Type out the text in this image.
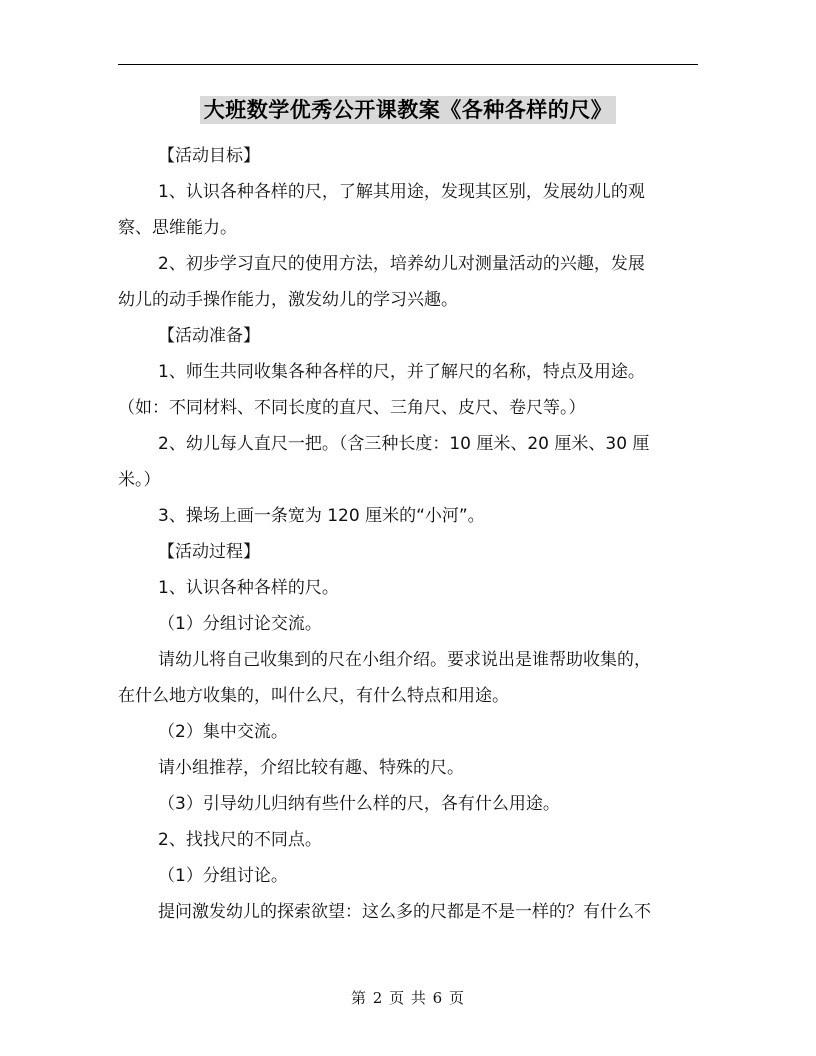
大班数学优秀公开课教案《各种各样的尺》

【活动目标】

1、认识各种各样的尺，了解其用途，发现其区别，发展幼儿的观

察、思维能力。

2、初步学习直尺的使用方法，培养幼儿对测量活动的兴趣，发展

幼儿的动手操作能力，激发幼儿的学习兴趣。

【活动准备】

1、师生共同收集各种各样的尺，并了解尺的名称，特点及用途。

（如：不同材料、不同长度的直尺、三角尺、皮尺、卷尺等。）

2、幼儿每人直尺一把。（含三种长度：10 厘米、20 厘米、30 厘

米。）

3、操场上画一条宽为 120 厘米的“小河”。

【活动过程】

1、认识各种各样的尺。

（1）分组讨论交流。

请幼儿将自己收集到的尺在小组介绍。要求说出是谁帮助收集的，

在什么地方收集的，叫什么尺，有什么特点和用途。

（2）集中交流。

请小组推荐，介绍比较有趣、特殊的尺。

（3）引导幼儿归纳有些什么样的尺，各有什么用途。

2、找找尺的不同点。

（1）分组讨论。

提问激发幼儿的探索欲望：这么多的尺都是不是一样的？有什么不

第 2 页 共 6 页
